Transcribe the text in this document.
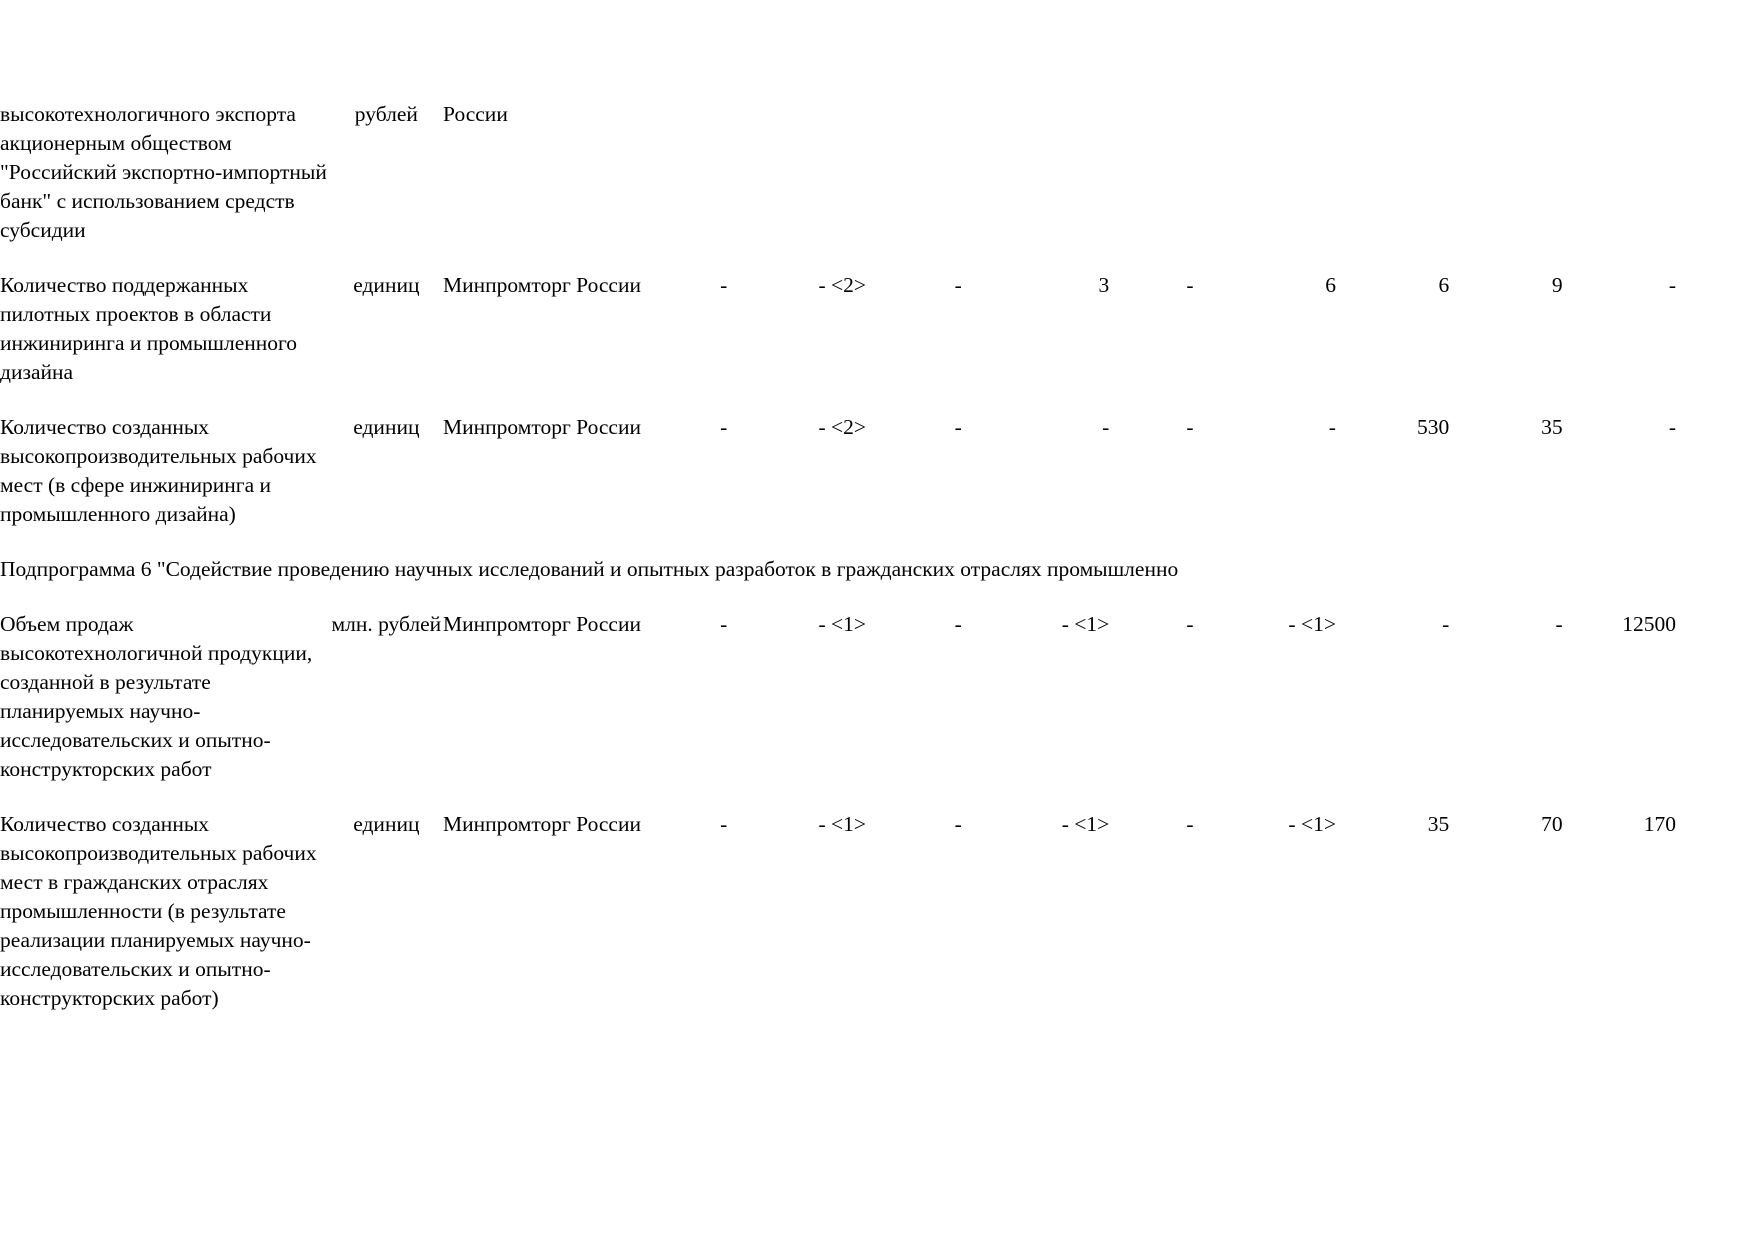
высокотехнологичного экспорта акционерным обществом "Российский экспортно-импортный банк" с использованием средств субсидии	рублей	России									
Количество поддержанных пилотных проектов в области инжиниринга и промышленного дизайна	единиц	Минпромторг России	-	- <2>	-	3	-	6	6	9	-
Количество созданных высокопроизводительных рабочих мест (в сфере инжиниринга и промышленного дизайна)	единиц	Минпромторг России	-	- <2>	-	-	-	-	530	35	-
Подпрограмма 6 "Содействие проведению научных исследований и опытных разработок в гражданских отраслях промышленно											
Объем продаж высокотехнологичной продукции, созданной в результате планируемых научно-исследовательских и опытно-конструкторских работ	млн. рублей	Минпромторг России	-	- <1>	-	- <1>	-	- <1>	-	-	12500
Количество созданных высокопроизводительных рабочих мест в гражданских отраслях промышленности (в результате реализации планируемых научно-исследовательских и опытно-конструкторских работ)	единиц	Минпромторг России	-	- <1>	-	- <1>	-	- <1>	35	70	170
